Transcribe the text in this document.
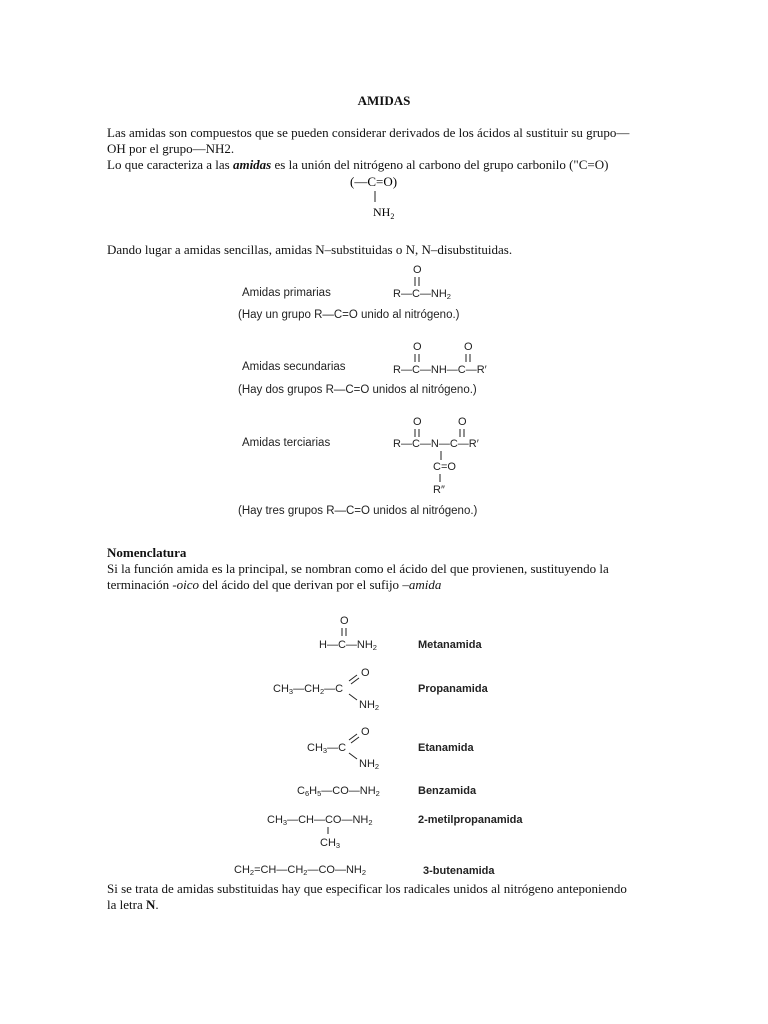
AMIDAS
Las amidas son compuestos que se pueden considerar derivados de los ácidos al sustituir su grupo—
OH por el grupo—NH2.
Lo que caracteriza a las amidas es la unión del nitrógeno al carbono del grupo carbonilo ("C=O)
(—C=O)
$NH_2$
Dando lugar a amidas sencillas, amidas N–substituidas o N, N–disubstituidas.
Amidas primarias
O
R—C—NH2
(Hay un grupo R—C=O unido al nitrógeno.)
Amidas secundarias
O	O
R—C—NH—C—R′
(Hay dos grupos R—C=O unidos al nitrógeno.)
Amidas terciarias
O	O
R—C—N—C—R′
C=O
R″
(Hay tres grupos R—C=O unidos al nitrógeno.)
Nomenclatura
Si la función amida es la principal, se nombran como el ácido del que provienen, sustituyendo la
terminación -oico del ácido del que derivan por el sufijo –amida
O
H—C—NH2	Metanamida
CH3—CH2—C
O
NH2
Propanamida
CH3—C
O
NH2
Etanamida
C6H5—CO—NH2	Benzamida
CH3—CH—CO—NH2
CH3
2-metilpropanamida
CH2=CH—CH2—CO—NH2	3-butenamida
Si se trata de amidas substituidas hay que especificar los radicales unidos al nitrógeno anteponiendo
la letra N.
